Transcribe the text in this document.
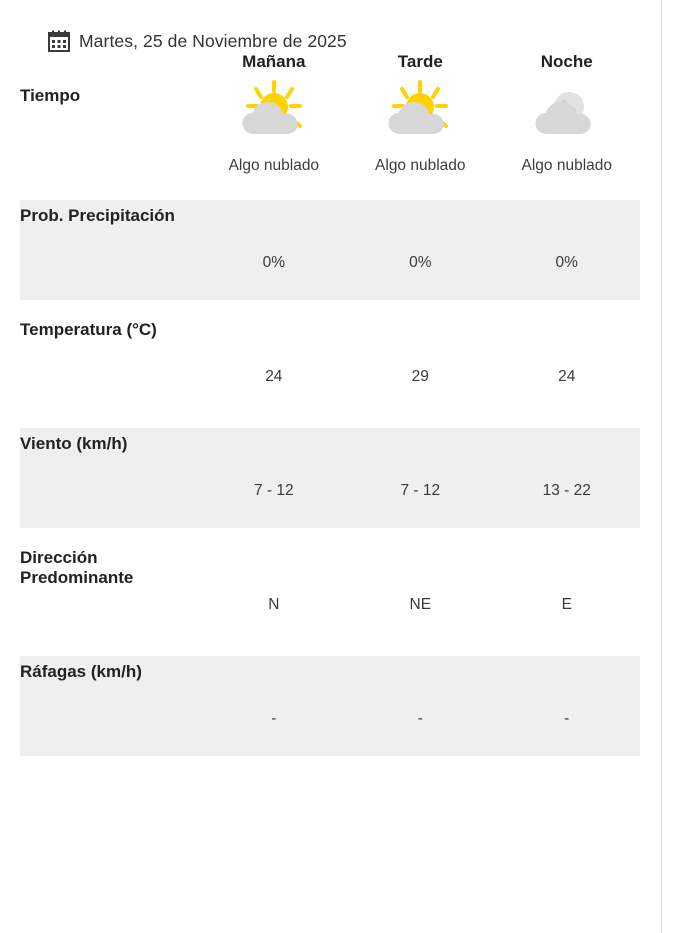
Martes, 25 de Noviembre de 2025
	Mañana	Tarde	Noche
Tiempo	Algo nublado	Algo nublado	Algo nublado

Prob. Precipitación	0%	0%	0%

Temperatura (°C)	24	29	24

Viento (km/h)	7 - 12	7 - 12	13 - 22

Dirección Predominante	N	NE	E

Ráfagas (km/h)	-	-	-
